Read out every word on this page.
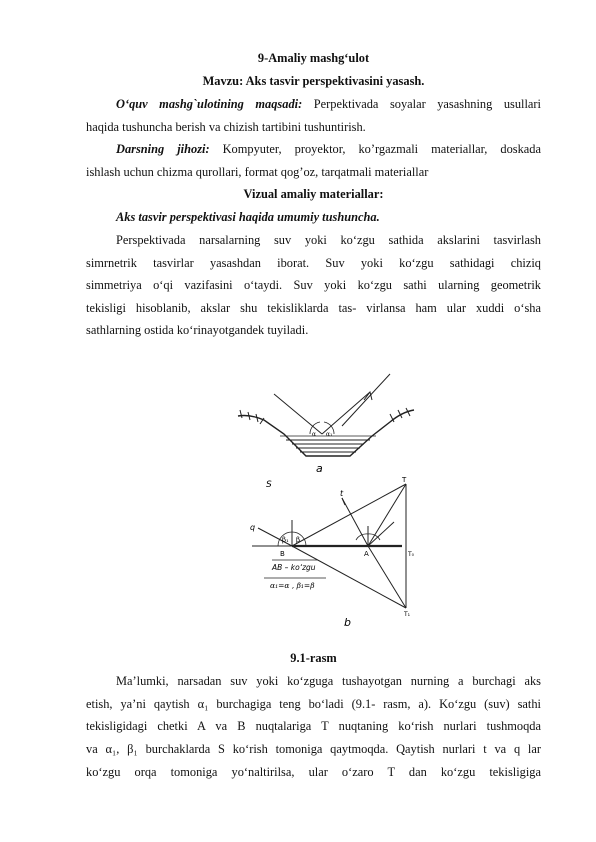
9-Amaliy mashg‘ulot
Mavzu: Aks tasvir perspektivasini yasash.
O‘quv mashg`ulotining maqsadi: Perpektivada soyalar yasashning usullari
haqida tushuncha berish va chizish tartibini tushuntirish.
Darsning jihozi: Kompyuter, proyektor, ko’rgazmali materiallar, doskada
ishlash uchun chizma qurollari, format qog’oz, tarqatmali materiallar
Vizual amaliy materiallar:
Aks tasvir perspektivasi haqida umumiy tushuncha.
Perspektivada narsalarning suv yoki ko‘zgu sathida akslarini tasvirlash
simrnetrik tasvirlar yasashdan iborat. Suv yoki ko‘zgu sathidagi chiziq
simmetriya o‘qi vazifasini o‘taydi. Suv yoki ko‘zgu sathi ularning geometrik
tekisligi hisoblanib, akslar shu tekisliklarda tas- virlansa ham ular xuddi o‘sha
sathlarning ostida ko‘rinayotgandek tuyiladi.
a
α α₁
S	T
t
q
B	A	T₀
T₁
β₁ β
AB – ko‘zgu
α₁=α , β₁=β
b
9.1-rasm
Ma’lumki, narsadan suv yoki ko‘zguga tushayotgan nurning a burchagi aks
etish, ya’ni qaytish α₁ burchagiga teng bo‘ladi (9.1- rasm, a). Ko‘zgu (suv) sathi
tekisligidagi chetki A va B nuqtalariga T nuqtaning ko‘rish nurlari tushmoqda
va α₁, β₁ burchaklarda S ko‘rish tomoniga qaytmoqda. Qaytish nurlari t va q lar
ko‘zgu orqa tomoniga yo‘naltirilsa, ular o‘zaro T dan ko‘zgu tekisligiga
